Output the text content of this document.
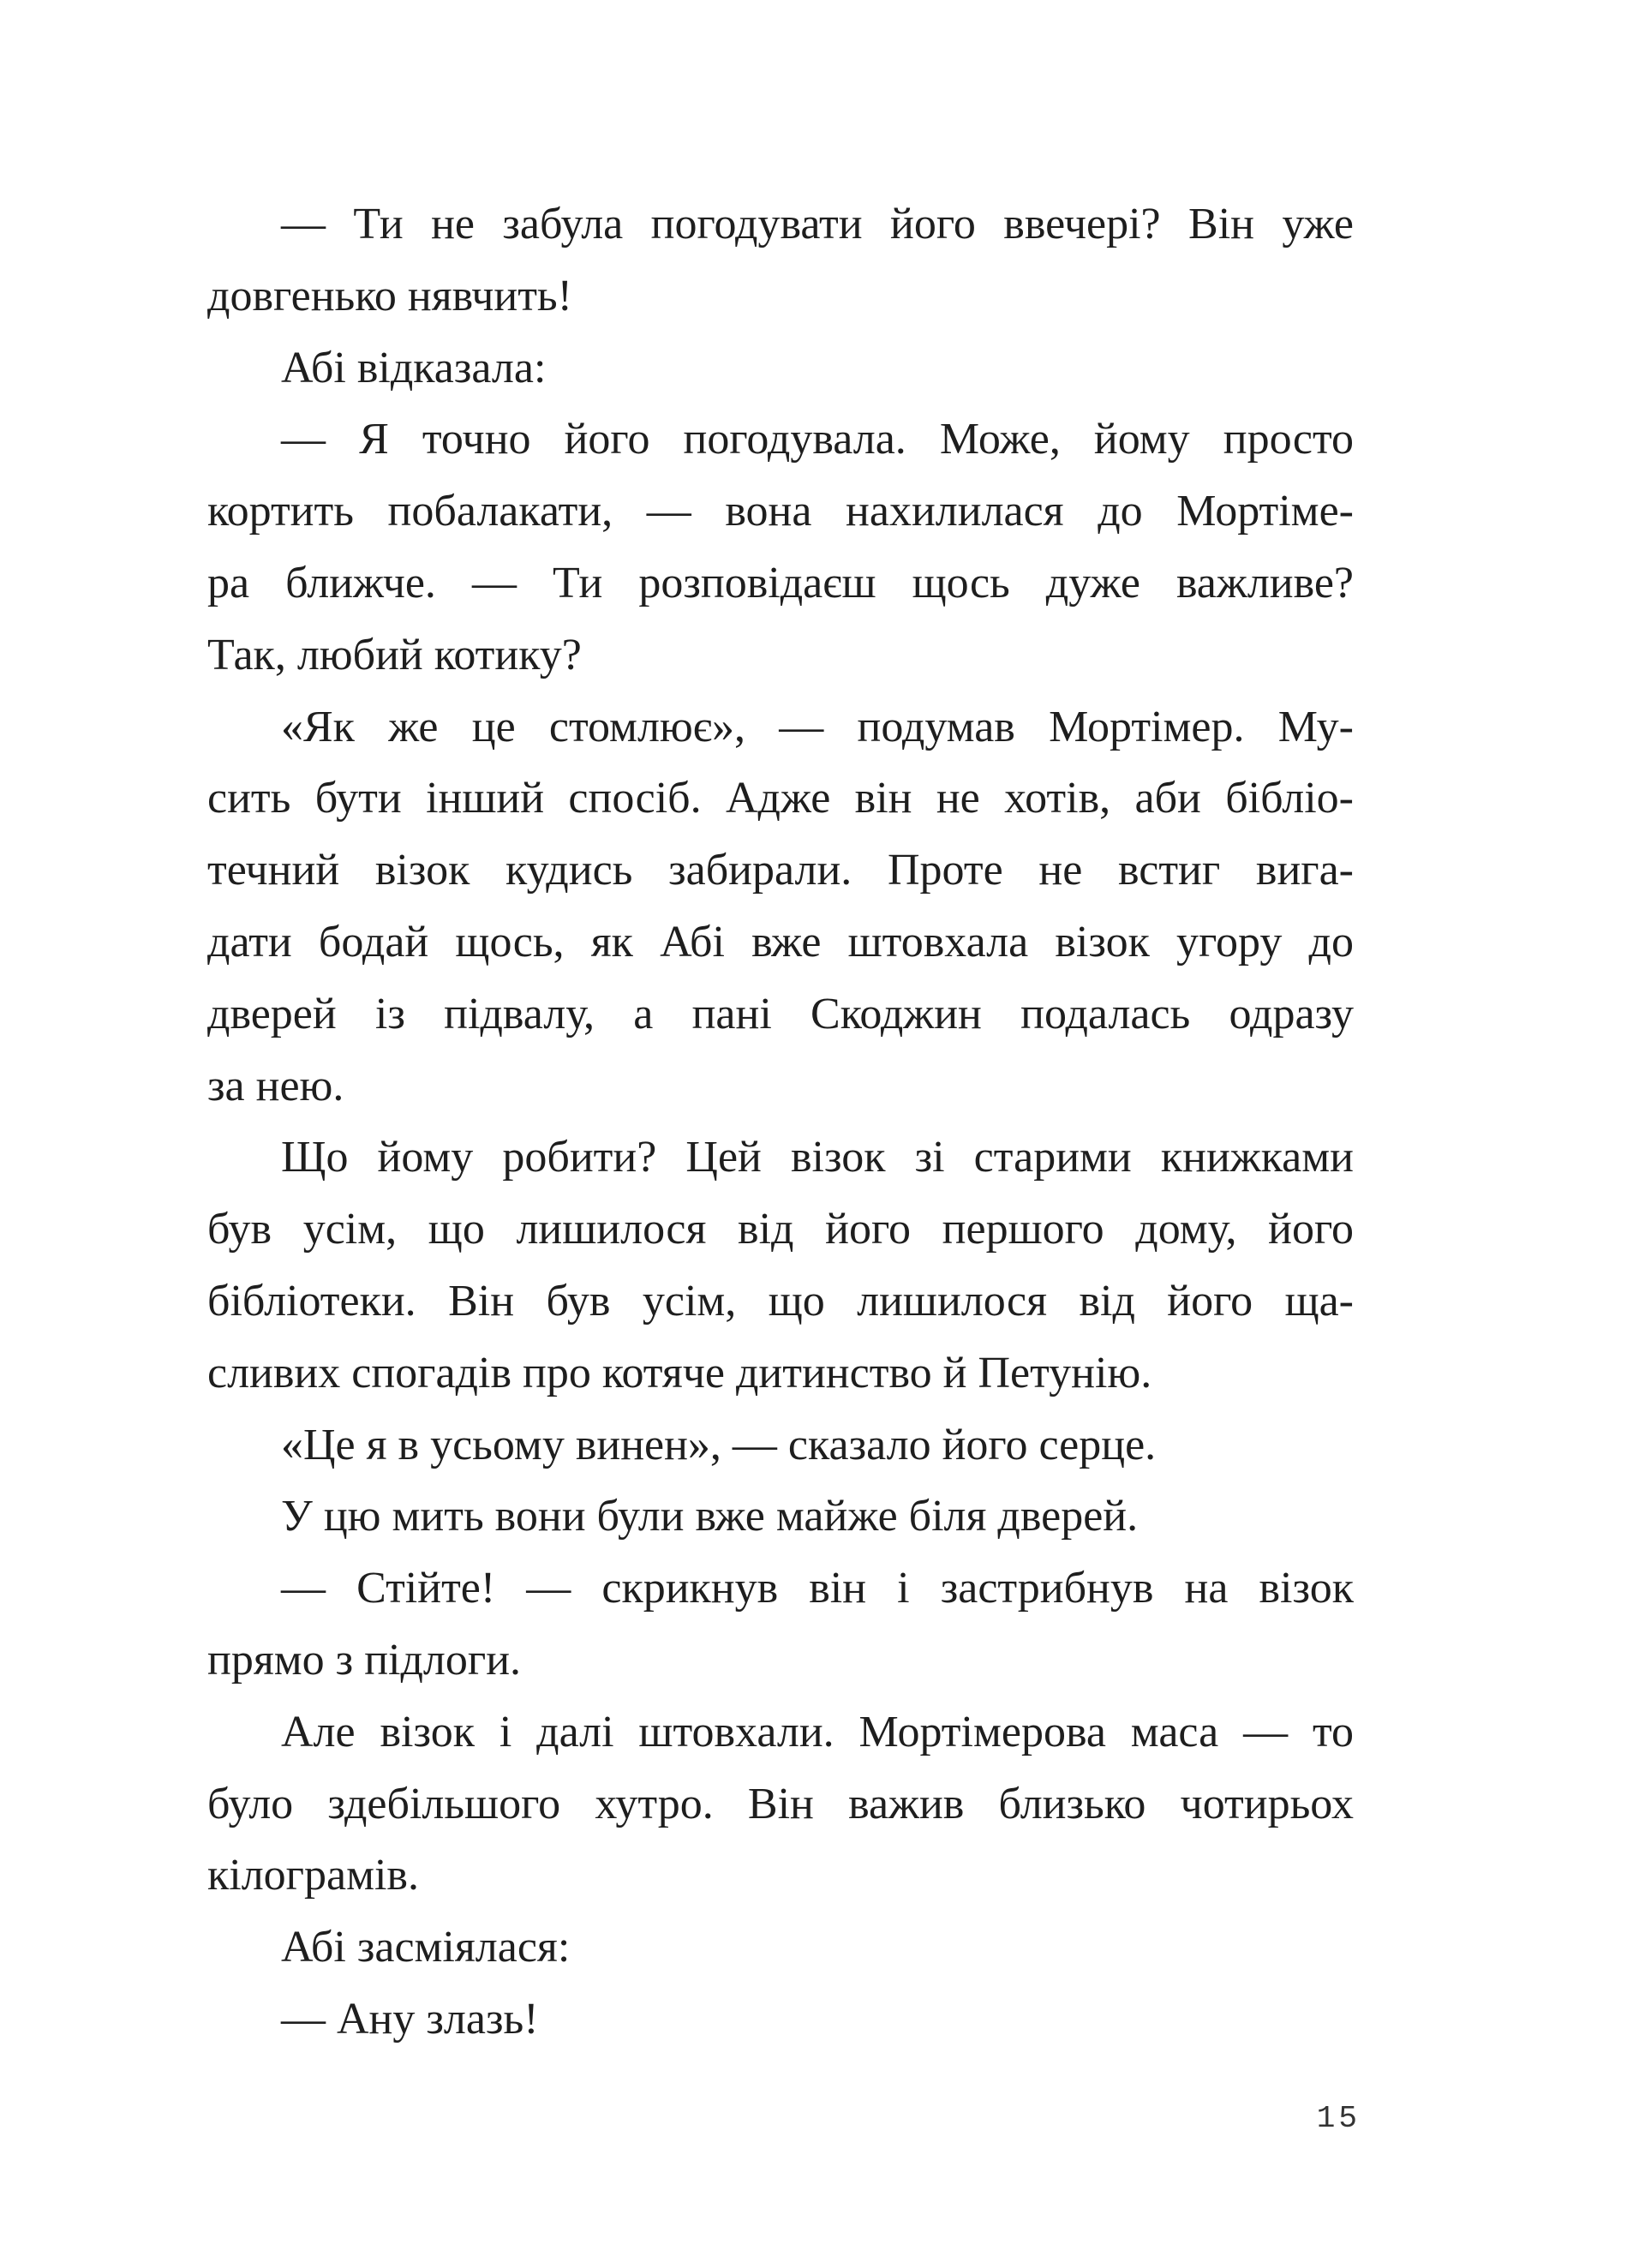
— Ти не забула погодувати його ввечері? Він уже
довгенько нявчить!
Абі відказала:
— Я точно його погодувала. Може, йому просто
кортить побалакати, — вона нахилилася до Мортіме-
ра ближче. — Ти розповідаєш щось дуже важливе?
Так, любий котику?
«Як же це стомлює», — подумав Мортімер. Му-
сить бути інший спосіб. Адже він не хотів, аби бібліо-
течний візок кудись забирали. Проте не встиг вига-
дати бодай щось, як Абі вже штовхала візок угору до
дверей із підвалу, а пані Скоджин подалась одразу
за нею.
Що йому робити? Цей візок зі старими книжками
був усім, що лишилося від його першого дому, його
бібліотеки. Він був усім, що лишилося від його ща-
сливих спогадів про котяче дитинство й Петунію.
«Це я в усьому винен», — сказало його серце.
У цю мить вони були вже майже біля дверей.
— Стійте! — скрикнув він і застрибнув на візок
прямо з підлоги.
Але візок і далі штовхали. Мортімерова маса — то
було здебільшого хутро. Він важив близько чотирьох
кілограмів.
Абі засміялася:
— Ану злазь!
15
